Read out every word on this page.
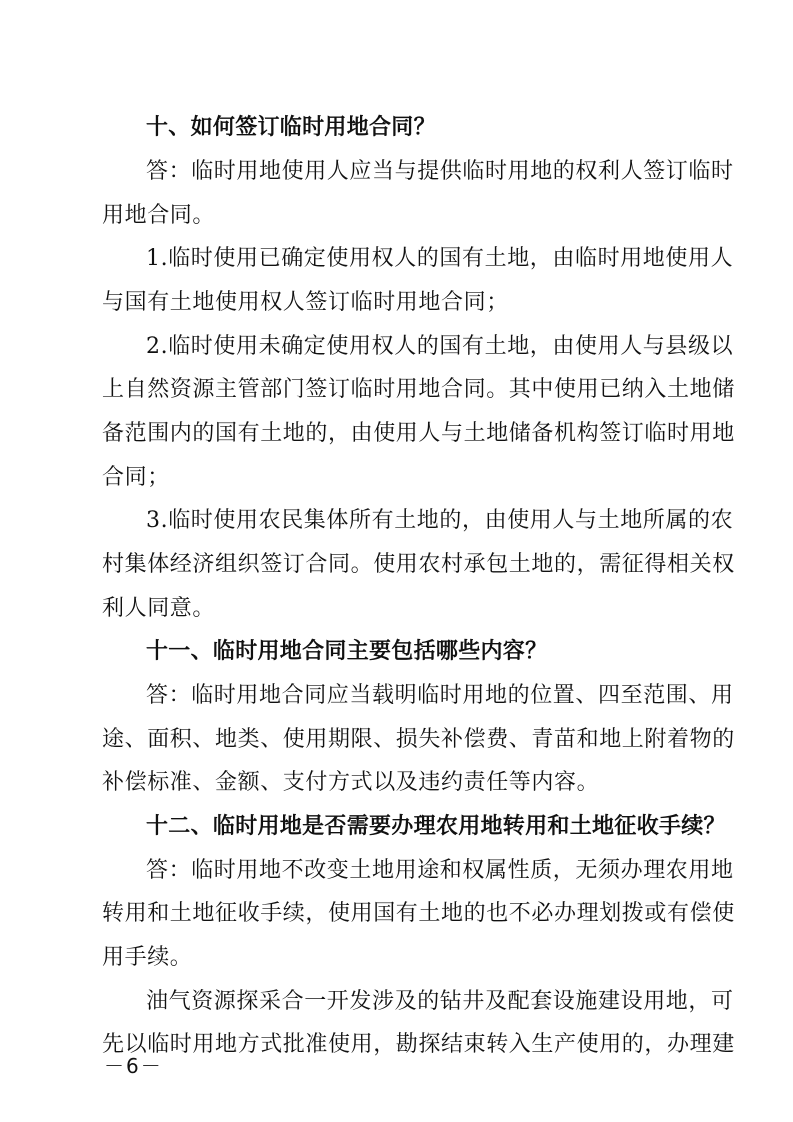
十、如何签订临时用地合同？
答：临时用地使用人应当与提供临时用地的权利人签订临时
用地合同。
1.临时使用已确定使用权人的国有土地，由临时用地使用人
与国有土地使用权人签订临时用地合同；
2.临时使用未确定使用权人的国有土地，由使用人与县级以
上自然资源主管部门签订临时用地合同。其中使用已纳入土地储
备范围内的国有土地的，由使用人与土地储备机构签订临时用地
合同；
3.临时使用农民集体所有土地的，由使用人与土地所属的农
村集体经济组织签订合同。使用农村承包土地的，需征得相关权
利人同意。
十一、临时用地合同主要包括哪些内容？
答：临时用地合同应当载明临时用地的位置、四至范围、用
途、面积、地类、使用期限、损失补偿费、青苗和地上附着物的
补偿标准、金额、支付方式以及违约责任等内容。
十二、临时用地是否需要办理农用地转用和土地征收手续？
答：临时用地不改变土地用途和权属性质，无须办理农用地
转用和土地征收手续，使用国有土地的也不必办理划拨或有偿使
用手续。
油气资源探采合一开发涉及的钻井及配套设施建设用地，可
先以临时用地方式批准使用，勘探结束转入生产使用的，办理建
－6－
